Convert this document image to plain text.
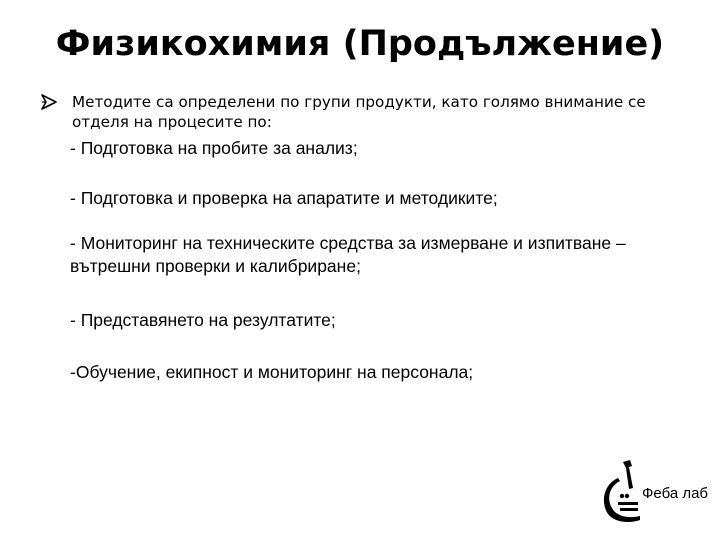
Физикохимия (Продължение)
Методите са определени по групи продукти, като голямо внимание се отделя на процесите по:
- Подготовка на пробите за анализ;
- Подготовка и проверка на апаратите и методиките;
- Мониторинг на техническите средства за измерване и изпитване – вътрешни проверки и калибриране;
- Представянето на резултатите;
-Обучение, екипност и мониторинг на персонала;
Феба лаб
